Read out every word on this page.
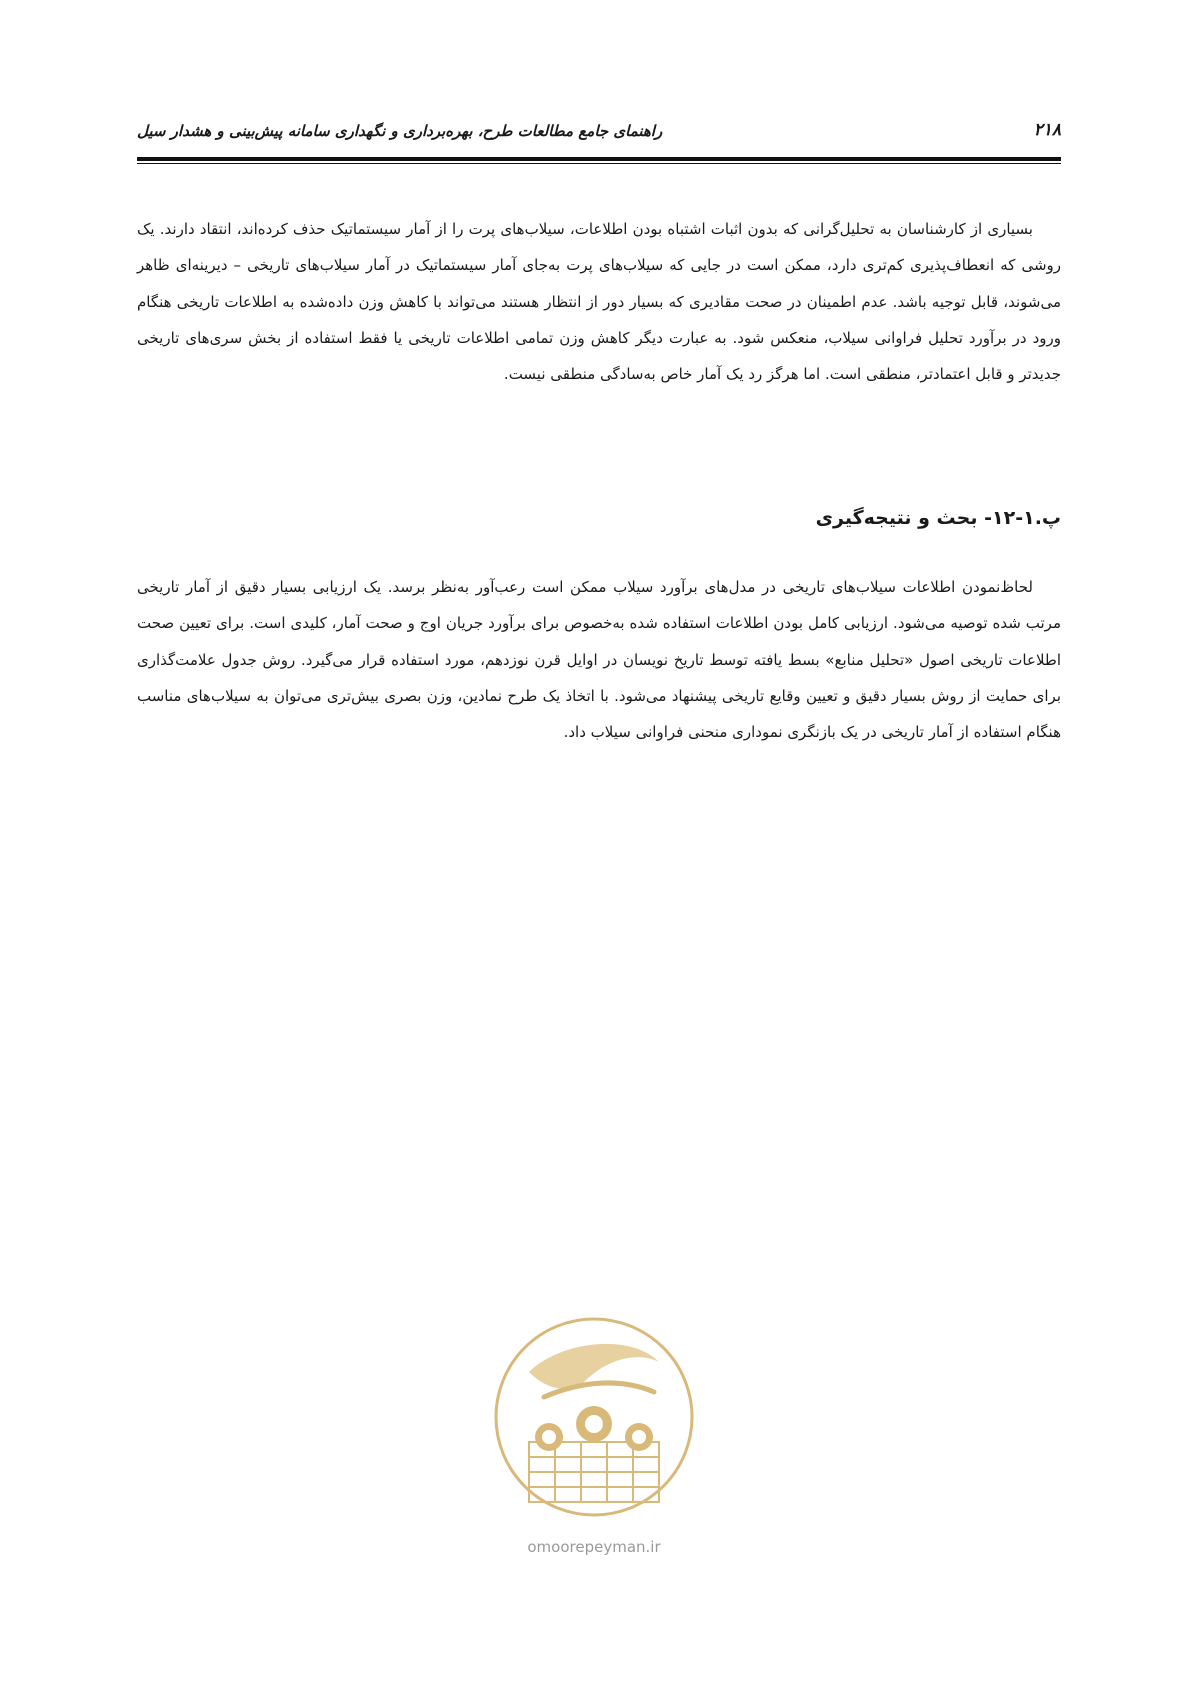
۲۱۸
راهنمای جامع مطالعات طرح، بهره‌برداری و نگهداری سامانه پیش‌بینی و هشدار سیل

بسیاری از کارشناسان به تحلیل‌گرانی که بدون اثبات اشتباه بودن اطلاعات، سیلاب‌های پرت را از آمار سیستماتیک حذف کرده‌اند، انتقاد دارند. یک روشی که انعطاف‌پذیری کم‌تری دارد، ممکن است در جایی که سیلاب‌های پرت به‌جای آمار سیستماتیک در آمار سیلاب‌های تاریخی – دیرینه‌ای ظاهر می‌شوند، قابل توجیه باشد. عدم اطمینان در صحت مقادیری که بسیار دور از انتظار هستند می‌تواند با کاهش وزن داده‌شده به اطلاعات تاریخی هنگام ورود در برآورد تحلیل فراوانی سیلاب، منعکس شود. به عبارت دیگر کاهش وزن تمامی اطلاعات تاریخی یا فقط استفاده از بخش سری‌های تاریخی جدیدتر و قابل اعتمادتر، منطقی است. اما هرگز رد یک آمار خاص به‌سادگی منطقی نیست.

پ.۱-۱۲- بحث و نتیجه‌گیری

لحاظ‌نمودن اطلاعات سیلاب‌های تاریخی در مدل‌های برآورد سیلاب ممکن است رعب‌آور به‌نظر برسد. یک ارزیابی بسیار دقیق از آمار تاریخی مرتب شده توصیه می‌شود. ارزیابی کامل بودن اطلاعات استفاده شده به‌خصوص برای برآورد جریان اوج و صحت آمار، کلیدی است. برای تعیین صحت اطلاعات تاریخی اصول «تحلیل منابع» بسط یافته توسط تاریخ نویسان در اوایل قرن نوزدهم، مورد استفاده قرار می‌گیرد. روش جدول علامت‌گذاری برای حمایت از روش بسیار دقیق و تعیین وقایع تاریخی پیشنهاد می‌شود. با اتخاذ یک طرح نمادین، وزن بصری بیش‌تری می‌توان به سیلاب‌های مناسب هنگام استفاده از آمار تاریخی در یک بازنگری نموداری منحنی فراوانی سیلاب داد.

omoorepeyman.ir
